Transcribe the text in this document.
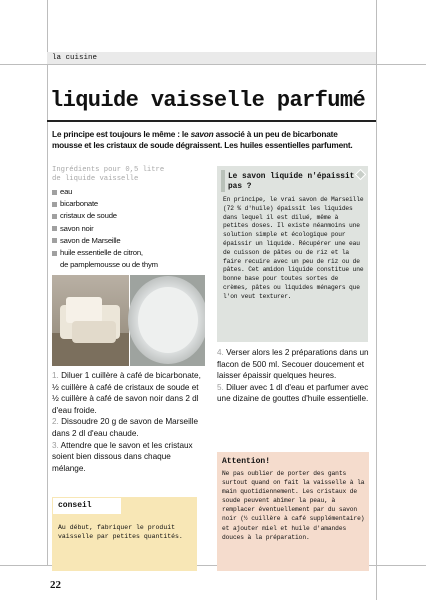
la cuisine
liquide vaisselle parfumé
Le principe est toujours le même : le savon associé à un peu de bicarbonate mousse et les cristaux de soude dégraissent. Les huiles essentielles parfument.
Ingrédients pour 0,5 litre
de liquide vaisselle
eau
bicarbonate
cristaux de soude
savon noir
savon de Marseille
huile essentielle de citron,
de pamplemousse ou de thym

1. Diluer 1 cuillère à café de bicarbonate, ½ cuillère à café de cristaux de soude et ½ cuillère à café de savon noir dans 2 dl d'eau froide.

2. Dissoudre 20 g de savon de Marseille dans 2 dl d'eau chaude.

3. Attendre que le savon et les cristaux soient bien dissous dans chaque mélange.

Le savon liquide n'épaissit pas ?
En principe, le vrai savon de Marseille (72 % d'huile) épaissit les liquides dans lequel il est dilué, même à petites doses. Il existe néanmoins une solution simple et écologique pour épaissir un liquide. Récupérer une eau de cuisson de pâtes ou de riz et la faire recuire avec un peu de riz ou de pâtes. Cet amidon liquide constitue une bonne base pour toutes sortes de crèmes, pâtes ou liquides ménagers que l'on veut texturer.

4. Verser alors les 2 préparations dans un flacon de 500 ml. Secouer doucement et laisser épaissir quelques heures.

5. Diluer avec 1 dl d'eau et parfumer avec une dizaine de gouttes d'huile essentielle.

conseil
Au début, fabriquer le produit vaisselle par petites quantités.
Attention!
Ne pas oublier de porter des gants surtout quand on fait la vaisselle à la main quotidiennement. Les cristaux de soude peuvent abîmer la peau, à remplacer éventuellement par du savon noir (½ cuillère à café supplémentaire) et ajouter miel et huile d'amandes douces à la préparation.
22
